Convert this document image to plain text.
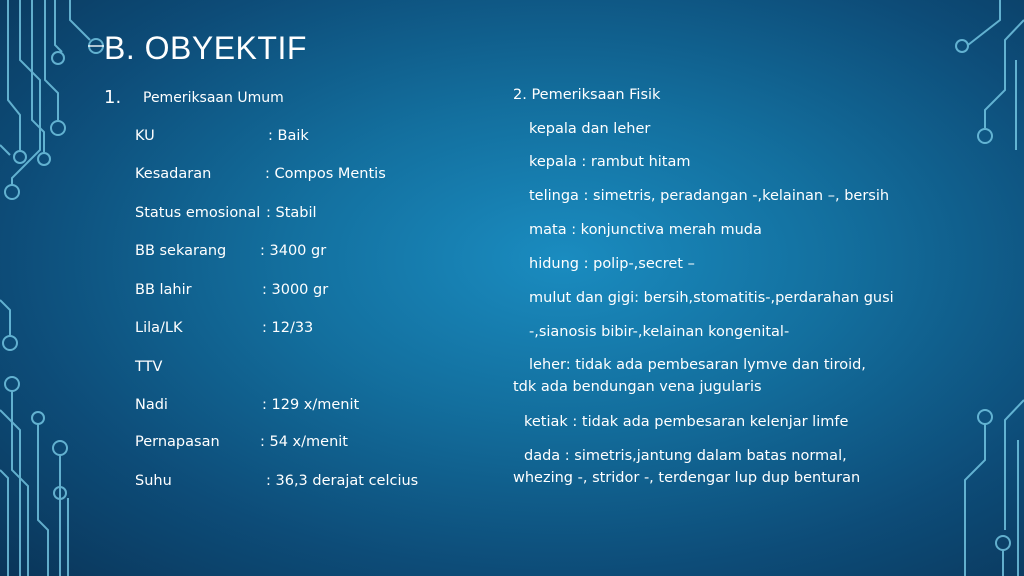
B. OBYEKTIF
1. Pemeriksaan Umum
KU	: Baik
Kesadaran	: Compos Mentis
Status emosional : Stabil
BB sekarang : 3400 gr
BB lahir	: 3000 gr
Lila/LK	: 12/33
TTV
Nadi	: 129 x/menit
Pernapasan	: 54 x/menit
Suhu	: 36,3 derajat celcius
2. Pemeriksaan Fisik
kepala dan leher
kepala : rambut hitam
telinga : simetris, peradangan -,kelainan –, bersih
mata : konjunctiva merah muda
hidung : polip-,secret –
mulut dan gigi: bersih,stomatitis-,perdarahan gusi
-,sianosis bibir-,kelainan kongenital-
leher: tidak ada pembesaran lymve dan tiroid,
tdk ada bendungan vena jugularis
ketiak : tidak ada pembesaran kelenjar limfe
dada : simetris,jantung dalam batas normal,
whezing -, stridor -, terdengar lup dup benturan
